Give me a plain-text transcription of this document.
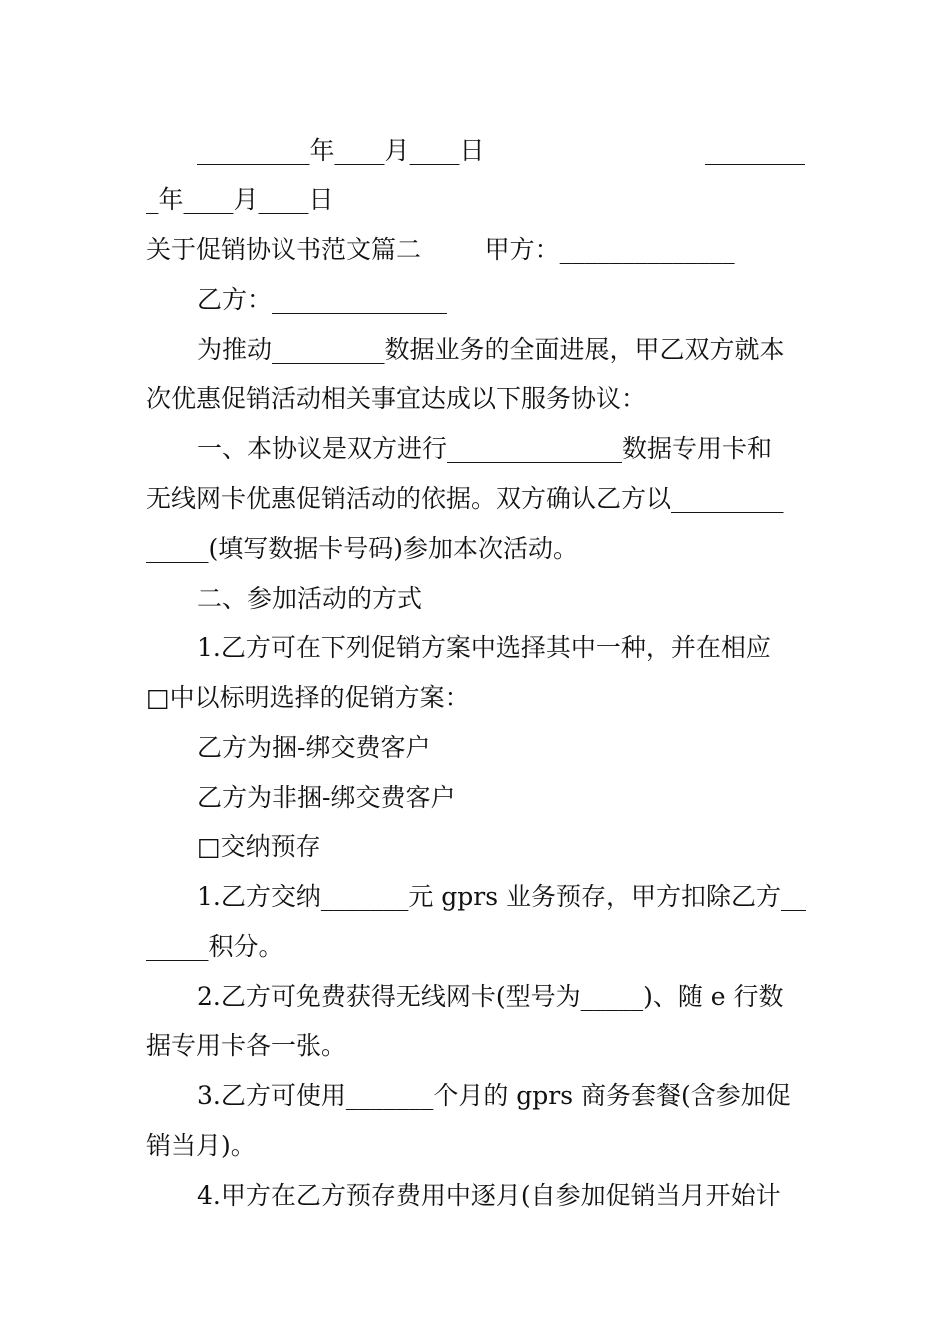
_________年____月____日	________
_年____月____日
关于促销协议书范文篇二        甲方：______________
乙方：______________
为推动_________数据业务的全面进展，甲乙双方就本
次优惠促销活动相关事宜达成以下服务协议：
一、本协议是双方进行______________数据专用卡和
无线网卡优惠促销活动的依据。双方确认乙方以_________
_____(填写数据卡号码)参加本次活动。
二、参加活动的方式
1.乙方可在下列促销方案中选择其中一种，并在相应
□中以标明选择的促销方案：
乙方为捆-绑交费客户
乙方为非捆-绑交费客户
□交纳预存
1.乙方交纳_______元 gprs 业务预存，甲方扣除乙方__
_____积分。
2.乙方可免费获得无线网卡(型号为_____)、随 e 行数
据专用卡各一张。
3.乙方可使用_______个月的 gprs 商务套餐(含参加促
销当月)。
4.甲方在乙方预存费用中逐月(自参加促销当月开始计
